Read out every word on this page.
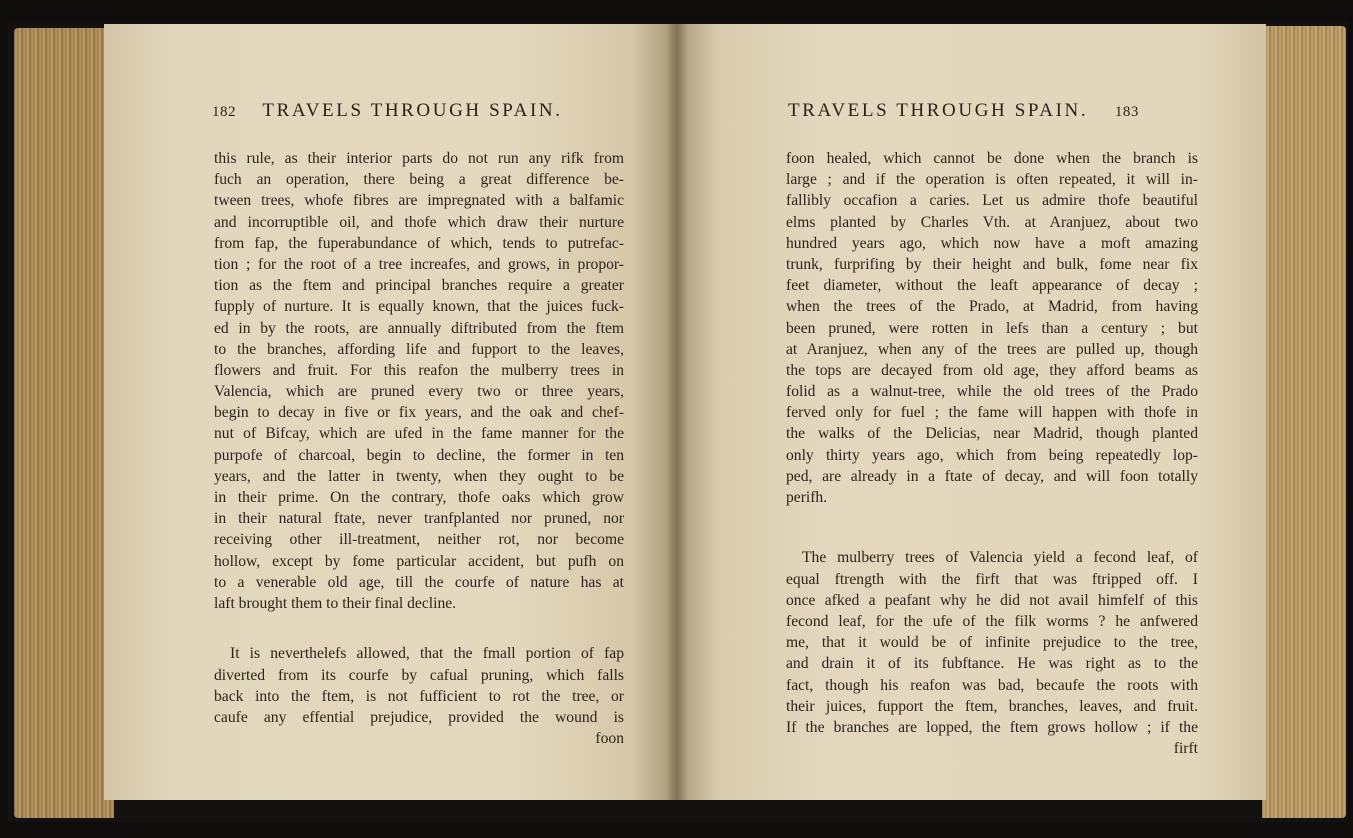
182 TRAVELS THROUGH SPAIN.
this rule, as their interior parts do not run any rifk from
fuch an operation, there being a great difference be-
tween trees, whofe fibres are impregnated with a balfamic
and incorruptible oil, and thofe which draw their nurture
from fap, the fuperabundance of which, tends to putrefac-
tion ; for the root of a tree increafes, and grows, in propor-
tion as the ftem and principal branches require a greater
fupply of nurture. It is equally known, that the juices fuck-
ed in by the roots, are annually diftributed from the ftem
to the branches, affording life and fupport to the leaves,
flowers and fruit. For this reafon the mulberry trees in
Valencia, which are pruned every two or three years,
begin to decay in five or fix years, and the oak and chef-
nut of Bifcay, which are ufed in the fame manner for the
purpofe of charcoal, begin to decline, the former in ten
years, and the latter in twenty, when they ought to be
in their prime. On the contrary, thofe oaks which grow
in their natural ftate, never tranfplanted nor pruned, nor
receiving other ill-treatment, neither rot, nor become
hollow, except by fome particular accident, but pufh on
to a venerable old age, till the courfe of nature has at
laft brought them to their final decline.
It is neverthelefs allowed, that the fmall portion of fap
diverted from its courfe by cafual pruning, which falls
back into the ftem, is not fufficient to rot the tree, or
caufe any effential prejudice, provided the wound is
foon
TRAVELS THROUGH SPAIN. 183
foon healed, which cannot be done when the branch is
large ; and if the operation is often repeated, it will in-
fallibly occafion a caries. Let us admire thofe beautiful
elms planted by Charles Vth. at Aranjuez, about two
hundred years ago, which now have a moft amazing
trunk, furprifing by their height and bulk, fome near fix
feet diameter, without the leaft appearance of decay ;
when the trees of the Prado, at Madrid, from having
been pruned, were rotten in lefs than a century ; but
at Aranjuez, when any of the trees are pulled up, though
the tops are decayed from old age, they afford beams as
folid as a walnut-tree, while the old trees of the Prado
ferved only for fuel ; the fame will happen with thofe in
the walks of the Delicias, near Madrid, though planted
only thirty years ago, which from being repeatedly lop-
ped, are already in a ftate of decay, and will foon totally
perifh.
The mulberry trees of Valencia yield a fecond leaf, of
equal ftrength with the firft that was ftripped off. I
once afked a peafant why he did not avail himfelf of this
fecond leaf, for the ufe of the filk worms ? he anfwered
me, that it would be of infinite prejudice to the tree,
and drain it of its fubftance. He was right as to the
fact, though his reafon was bad, becaufe the roots with
their juices, fupport the ftem, branches, leaves, and fruit.
If the branches are lopped, the ftem grows hollow ; if the
firft
